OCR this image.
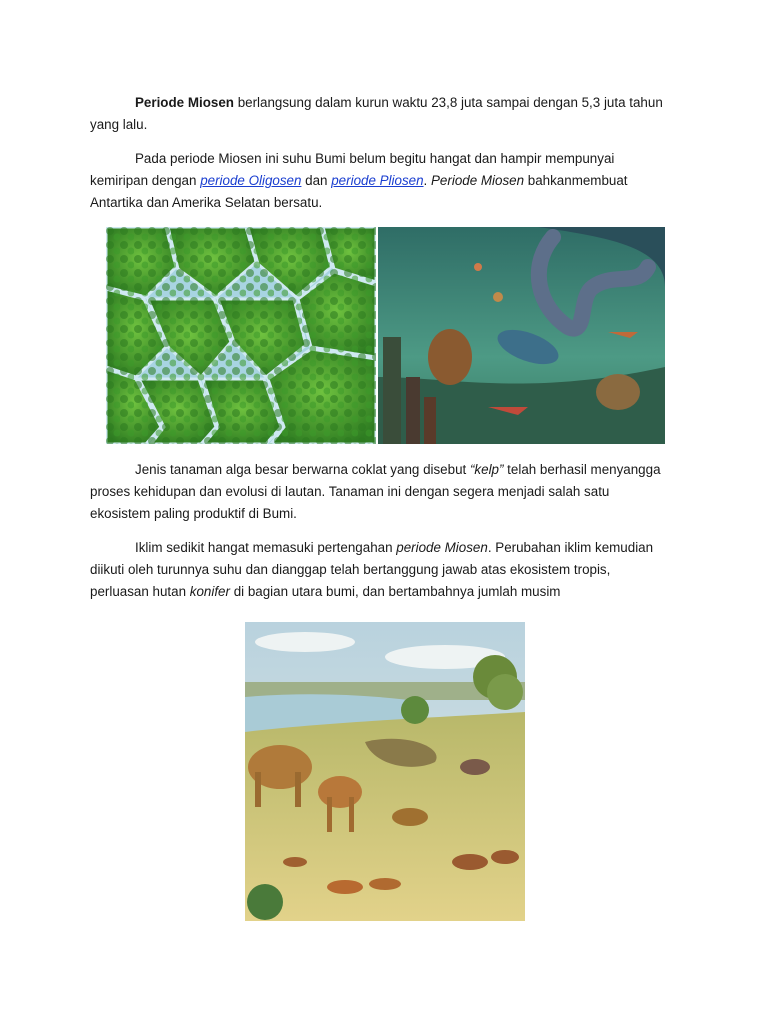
Periode Miosen berlangsung dalam kurun waktu 23,8 juta sampai dengan 5,3 juta tahun
yang lalu.

Pada periode Miosen ini suhu Bumi belum begitu hangat dan hampir mempunyai
kemiripan dengan periode Oligosen dan periode Pliosen. Periode Miosen bahkanmembuat
Antartika dan Amerika Selatan bersatu.

Jenis tanaman alga besar berwarna coklat yang disebut “kelp” telah berhasil menyangga
proses kehidupan dan evolusi di lautan. Tanaman ini dengan segera menjadi salah satu
ekosistem paling produktif di Bumi.

Iklim sedikit hangat memasuki pertengahan periode Miosen. Perubahan iklim kemudian
diikuti oleh turunnya suhu dan dianggap telah bertanggung jawab atas ekosistem tropis,
perluasan hutan konifer di bagian utara bumi, dan bertambahnya jumlah musim
